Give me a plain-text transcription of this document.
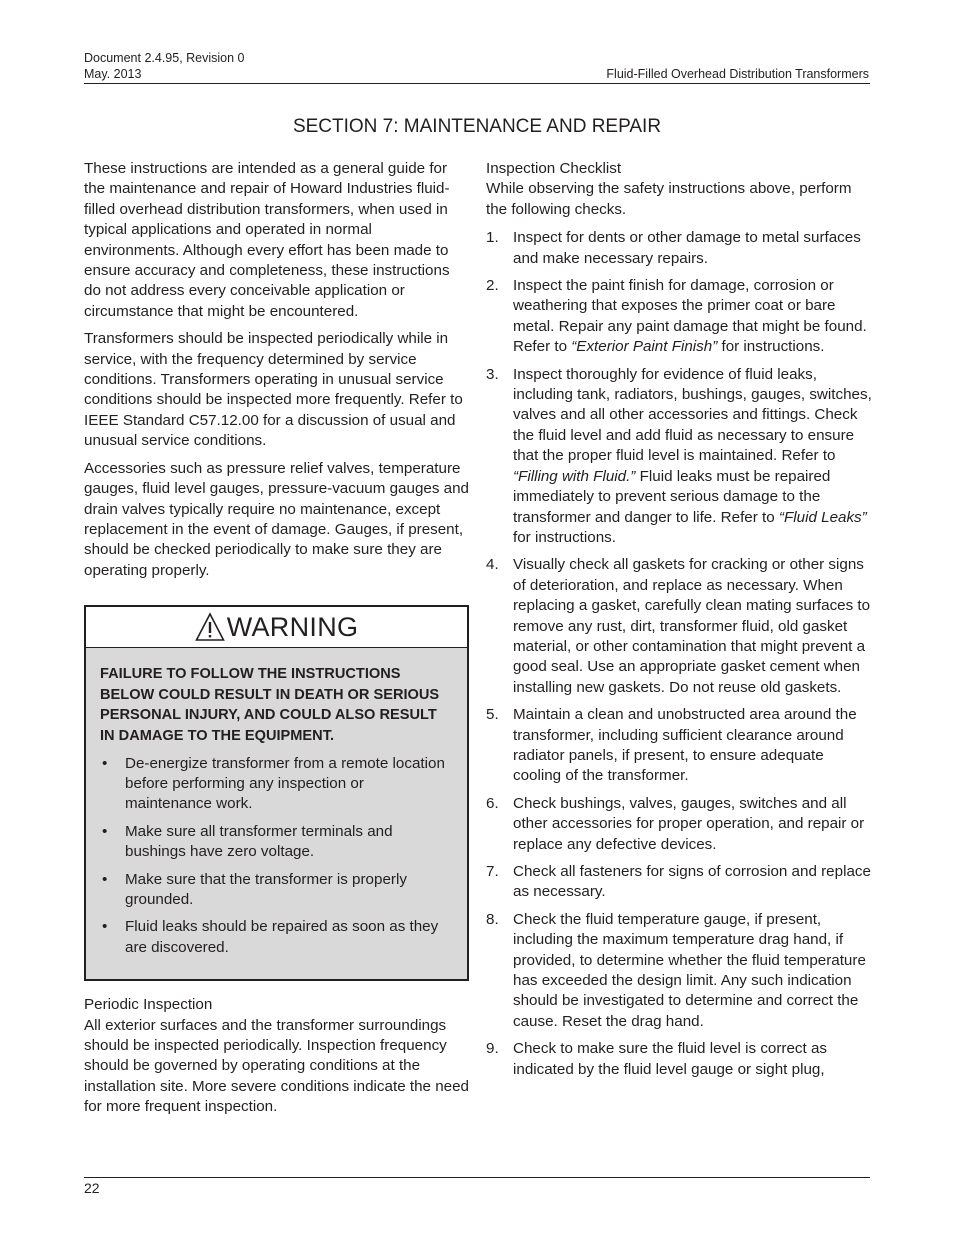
Document 2.4.95, Revision 0
May. 2013	Fluid-Filled Overhead Distribution Transformers
SECTION 7: MAINTENANCE AND REPAIR

These instructions are intended as a general guide for the maintenance and repair of Howard Industries fluid-filled overhead distribution transformers, when used in typical applications and operated in normal environments. Although every effort has been made to ensure accuracy and completeness, these instructions do not address every conceivable application or circumstance that might be encountered.

Transformers should be inspected periodically while in service, with the frequency determined by service conditions. Transformers operating in unusual service conditions should be inspected more frequently. Refer to IEEE Standard C57.12.00 for a discussion of usual and unusual service conditions.

Accessories such as pressure relief valves, temperature gauges, fluid level gauges, pressure-vacuum gauges and drain valves typically require no maintenance, except replacement in the event of damage. Gauges, if present, should be checked periodically to make sure they are operating properly.

WARNING
FAILURE TO FOLLOW THE INSTRUCTIONS BELOW COULD RESULT IN DEATH OR SERIOUS PERSONAL INJURY, AND COULD ALSO RESULT IN DAMAGE TO THE EQUIPMENT.
• De-energize transformer from a remote location before performing any inspection or maintenance work.
• Make sure all transformer terminals and bushings have zero voltage.
• Make sure that the transformer is properly grounded.
• Fluid leaks should be repaired as soon as they are discovered.
Periodic Inspection
All exterior surfaces and the transformer surroundings should be inspected periodically. Inspection frequency should be governed by operating conditions at the installation site. More severe conditions indicate the need for more frequent inspection.
Inspection Checklist
While observing the safety instructions above, perform the following checks.
1. Inspect for dents or other damage to metal surfaces and make necessary repairs.
2. Inspect the paint finish for damage, corrosion or weathering that exposes the primer coat or bare metal. Repair any paint damage that might be found. Refer to “Exterior Paint Finish” for instructions.
3. Inspect thoroughly for evidence of fluid leaks, including tank, radiators, bushings, gauges, switches, valves and all other accessories and fittings. Check the fluid level and add fluid as necessary to ensure that the proper fluid level is maintained. Refer to “Filling with Fluid.” Fluid leaks must be repaired immediately to prevent serious damage to the transformer and danger to life. Refer to “Fluid Leaks” for instructions.
4. Visually check all gaskets for cracking or other signs of deterioration, and replace as necessary. When replacing a gasket, carefully clean mating surfaces to remove any rust, dirt, transformer fluid, old gasket material, or other contamination that might prevent a good seal. Use an appropriate gasket cement when installing new gaskets. Do not reuse old gaskets.
5. Maintain a clean and unobstructed area around the transformer, including sufficient clearance around radiator panels, if present, to ensure adequate cooling of the transformer.
6. Check bushings, valves, gauges, switches and all other accessories for proper operation, and repair or replace any defective devices.
7. Check all fasteners for signs of corrosion and replace as necessary.
8. Check the fluid temperature gauge, if present, including the maximum temperature drag hand, if provided, to determine whether the fluid temperature has exceeded the design limit. Any such indication should be investigated to determine and correct the cause. Reset the drag hand.
9. Check to make sure the fluid level is correct as indicated by the fluid level gauge or sight plug,
22
